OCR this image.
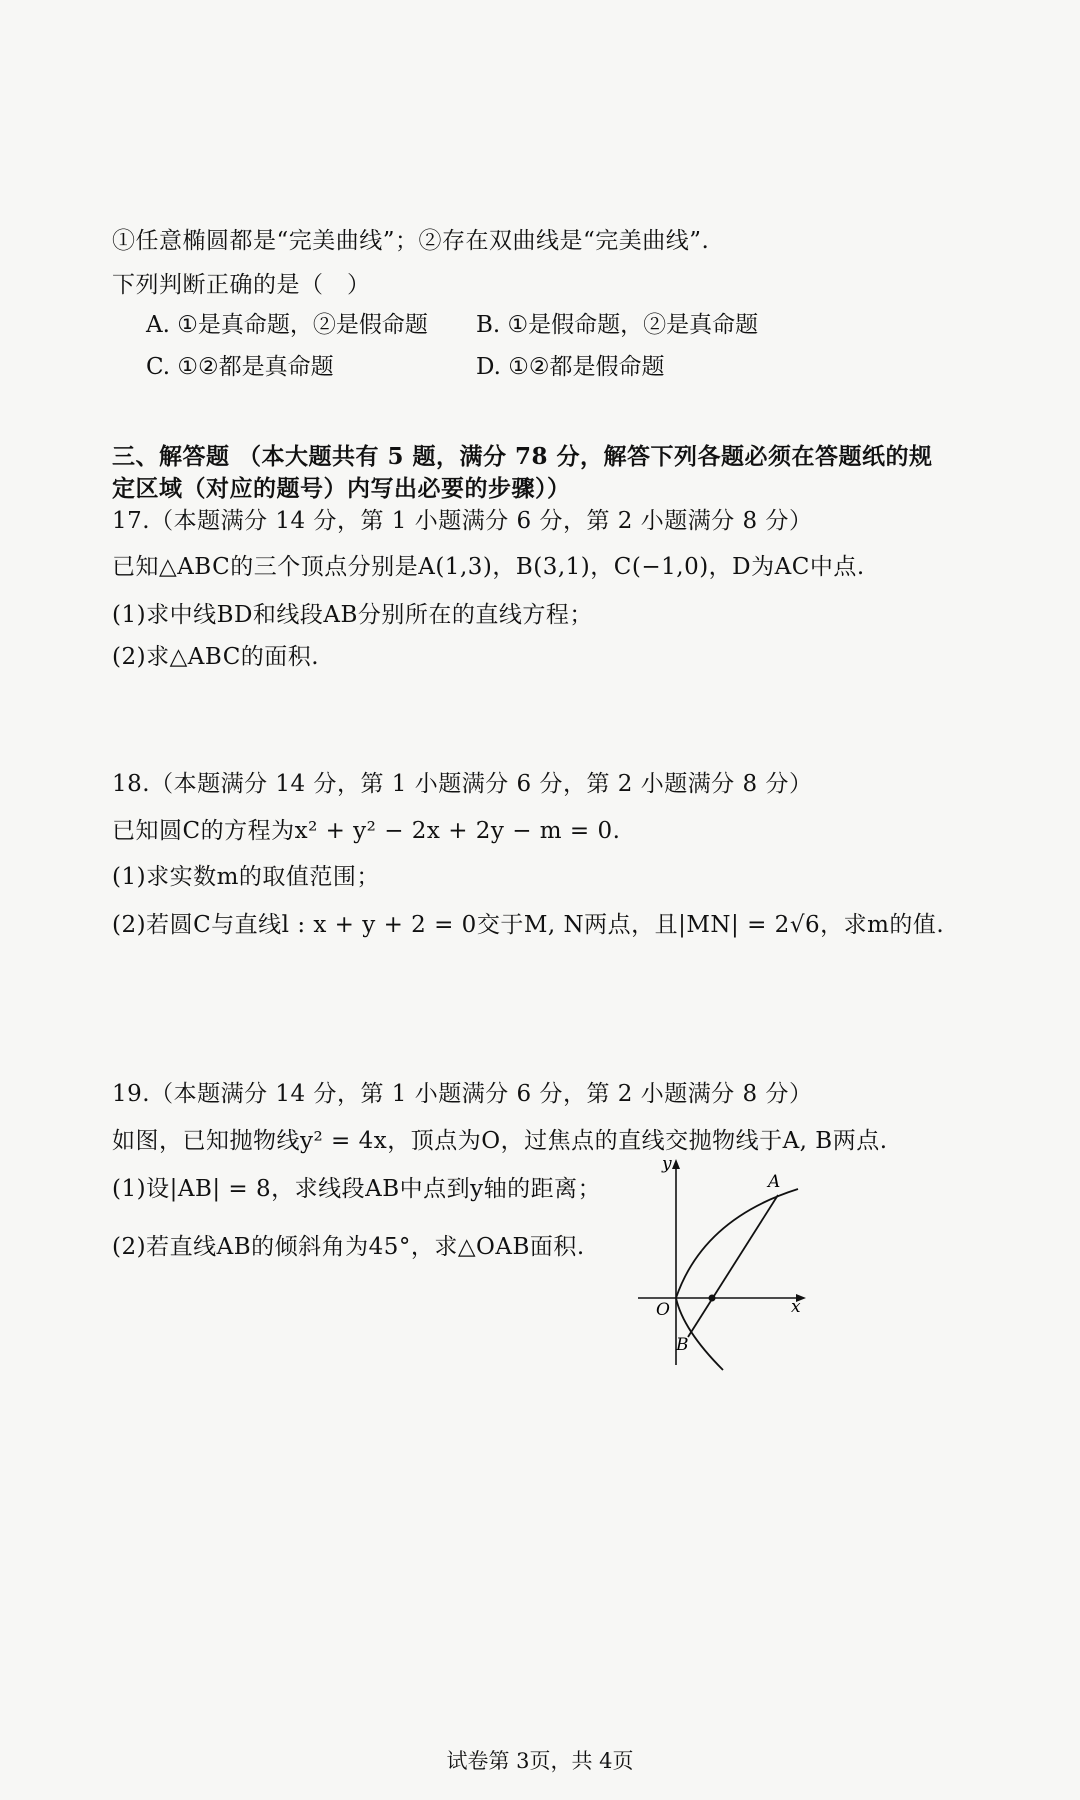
①任意椭圆都是“完美曲线”；②存在双曲线是“完美曲线”.
下列判断正确的是（　）
A. ①是真命题，②是假命题 B. ①是假命题，②是真命题
C. ①②都是真命题	D. ①②都是假命题
三、解答题 （本大题共有 5 题，满分 78 分，解答下列各题必须在答题纸的规
定区域（对应的题号）内写出必要的步骤））
17.（本题满分 14 分，第 1 小题满分 6 分，第 2 小题满分 8 分）
已知△ABC的三个顶点分别是A(1,3)，B(3,1)，C(−1,0)，D为AC中点.
(1)求中线BD和线段AB分别所在的直线方程；
(2)求△ABC的面积.
18.（本题满分 14 分，第 1 小题满分 6 分，第 2 小题满分 8 分）
已知圆C的方程为x² + y² − 2x + 2y − m = 0.
(1)求实数m的取值范围；
(2)若圆C与直线l : x + y + 2 = 0交于M, N两点，且|MN| = 2√6，求m的值.
19.（本题满分 14 分，第 1 小题满分 6 分，第 2 小题满分 8 分）
如图，已知抛物线y² = 4x，顶点为O，过焦点的直线交抛物线于A, B两点.
(1)设|AB| = 8，求线段AB中点到y轴的距离；
(2)若直线AB的倾斜角为45°，求△OAB面积.
y
x
O
A
B
试卷第 3页，共 4页
